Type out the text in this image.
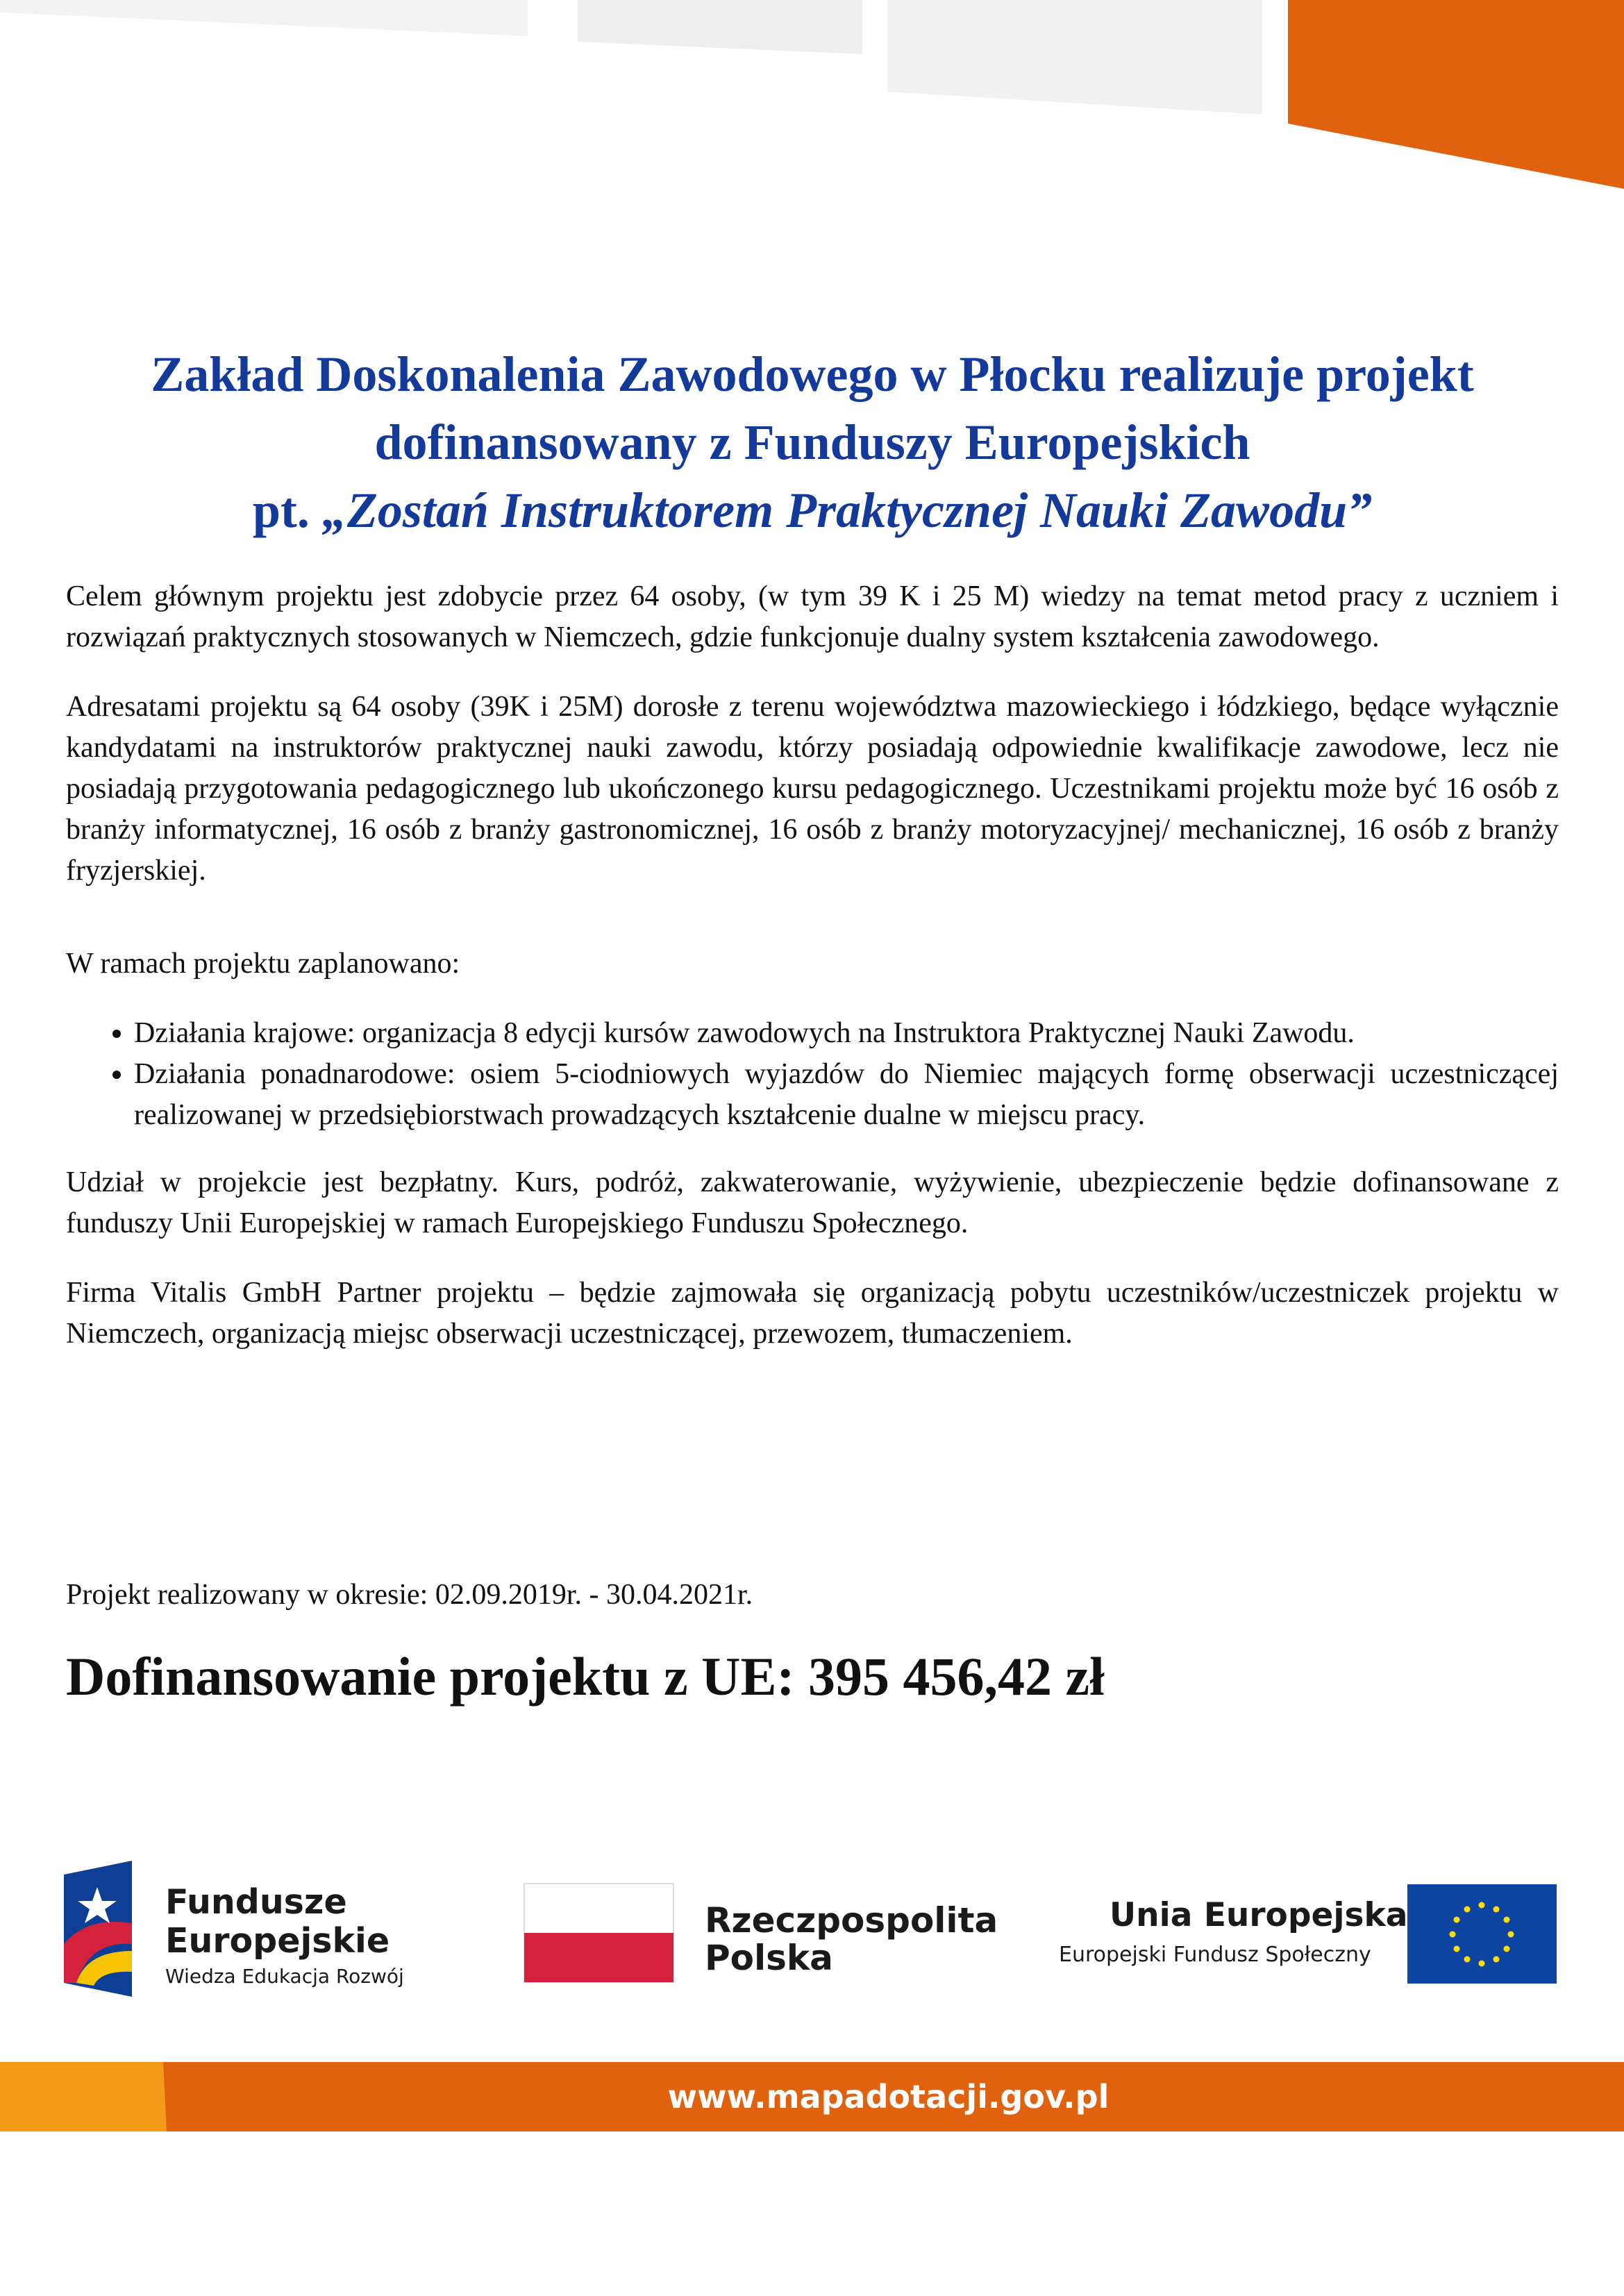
Zakład Doskonalenia Zawodowego w Płocku realizuje projekt
dofinansowany z Funduszy Europejskich
pt. „Zostań Instruktorem Praktycznej Nauki Zawodu”

Celem głównym projektu jest zdobycie przez 64 osoby, (w tym 39 K i 25 M) wiedzy na temat metod pracy z uczniem i rozwiązań praktycznych stosowanych w Niemczech, gdzie funkcjonuje dualny system kształcenia zawodowego.

Adresatami projektu są 64 osoby (39K i 25M) dorosłe z terenu województwa mazowieckiego i łódzkiego, będące wyłącznie kandydatami na instruktorów praktycznej nauki zawodu, którzy posiadają odpowiednie kwalifikacje zawodowe, lecz nie posiadają przygotowania pedagogicznego lub ukończonego kursu pedagogicznego. Uczestnikami projektu może być 16 osób z branży informatycznej, 16 osób z branży gastronomicznej, 16 osób z branży motoryzacyjnej/ mechanicznej, 16 osób z branży fryzjerskiej.

W ramach projektu zaplanowano:

• Działania krajowe: organizacja 8 edycji kursów zawodowych na Instruktora Praktycznej Nauki Zawodu.
• Działania ponadnarodowe: osiem 5-ciodniowych wyjazdów do Niemiec mających formę obserwacji uczestniczącej realizowanej w przedsiębiorstwach prowadzących kształcenie dualne w miejscu pracy.

Udział w projekcie jest bezpłatny. Kurs, podróż, zakwaterowanie, wyżywienie, ubezpieczenie będzie dofinansowane z funduszy Unii Europejskiej w ramach Europejskiego Funduszu Społecznego.

Firma Vitalis GmbH Partner projektu – będzie zajmowała się organizacją pobytu uczestników/uczestniczek projektu w Niemczech, organizacją miejsc obserwacji uczestniczącej, przewozem, tłumaczeniem.

Projekt realizowany w okresie: 02.09.2019r. - 30.04.2021r.
Dofinansowanie projektu z UE: 395 456,42 zł
Fundusze
Europejskie
Wiedza Edukacja Rozwój
Rzeczpospolita
Polska
Unia Europejska
Europejski Fundusz Społeczny
www.mapadotacji.gov.pl
